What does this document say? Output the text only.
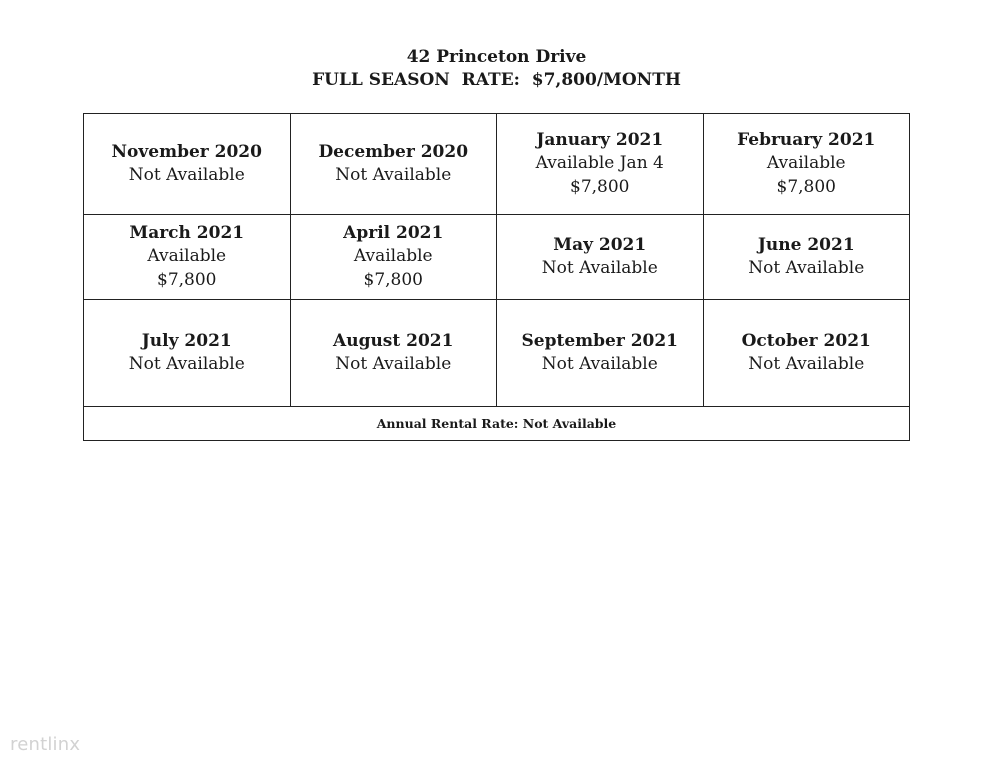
42 Princeton Drive
FULL SEASON  RATE:  $7,800/MONTH
November 2020
Not Available	December 2020
Not Available	January 2021
Available Jan 4
$7,800	February 2021
Available
$7,800

March 2021
Available
$7,800	April 2021
Available
$7,800	May 2021
Not Available	June 2021
Not Available

July 2021
Not Available	August 2021
Not Available	September 2021
Not Available	October 2021
Not Available

Annual Rental Rate: Not Available			
rentlinx
